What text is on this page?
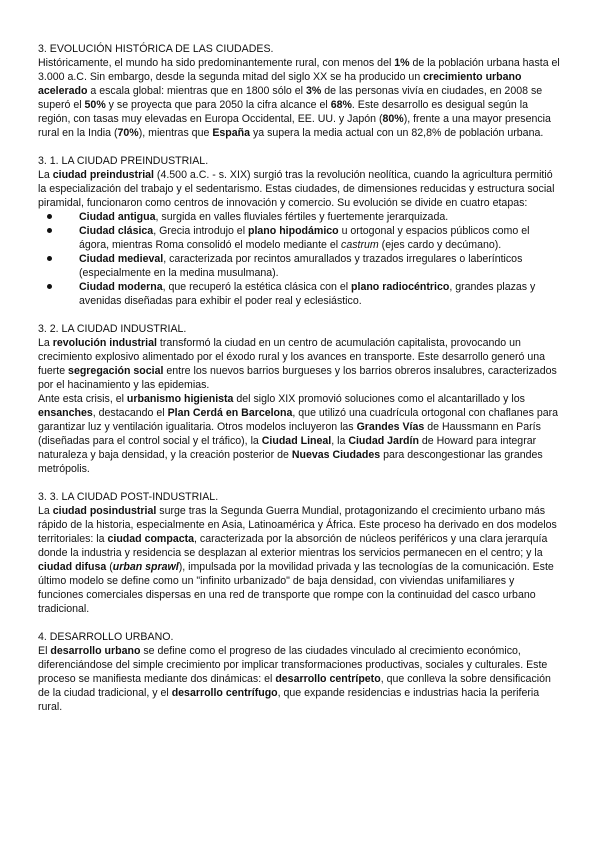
3. EVOLUCIÓN HISTÓRICA DE LAS CIUDADES.

Históricamente, el mundo ha sido predominantemente rural, con menos del 1% de la población urbana hasta el 3.000 a.C. Sin embargo, desde la segunda mitad del siglo XX se ha producido un crecimiento urbano acelerado a escala global: mientras que en 1800 sólo el 3% de las personas vivía en ciudades, en 2008 se superó el 50% y se proyecta que para 2050 la cifra alcance el 68%. Este desarrollo es desigual según la región, con tasas muy elevadas en Europa Occidental, EE. UU. y Japón (80%), frente a una mayor presencia rural en la India (70%), mientras que España ya supera la media actual con un 82,8% de población urbana.

3. 1. LA CIUDAD PREINDUSTRIAL.

La ciudad preindustrial (4.500 a.C. - s. XIX) surgió tras la revolución neolítica, cuando la agricultura permitió la especialización del trabajo y el sedentarismo. Estas ciudades, de dimensiones reducidas y estructura social piramidal, funcionaron como centros de innovación y comercio. Su evolución se divide en cuatro etapas:

Ciudad antigua, surgida en valles fluviales fértiles y fuertemente jerarquizada.
Ciudad clásica, Grecia introdujo el plano hipodámico u ortogonal y espacios públicos como el ágora, mientras Roma consolidó el modelo mediante el castrum (ejes cardo y decúmano).
Ciudad medieval, caracterizada por recintos amurallados y trazados irregulares o laberínticos (especialmente en la medina musulmana).
Ciudad moderna, que recuperó la estética clásica con el plano radiocéntrico, grandes plazas y avenidas diseñadas para exhibir el poder real y eclesiástico.

3. 2. LA CIUDAD INDUSTRIAL.

La revolución industrial transformó la ciudad en un centro de acumulación capitalista, provocando un crecimiento explosivo alimentado por el éxodo rural y los avances en transporte. Este desarrollo generó una fuerte segregación social entre los nuevos barrios burgueses y los barrios obreros insalubres, caracterizados por el hacinamiento y las epidemias.

Ante esta crisis, el urbanismo higienista del siglo XIX promovió soluciones como el alcantarillado y los ensanches, destacando el Plan Cerdá en Barcelona, que utilizó una cuadrícula ortogonal con chaflanes para garantizar luz y ventilación igualitaria. Otros modelos incluyeron las Grandes Vías de Haussmann en París (diseñadas para el control social y el tráfico), la Ciudad Lineal, la Ciudad Jardín de Howard para integrar naturaleza y baja densidad, y la creación posterior de Nuevas Ciudades para descongestionar las grandes metrópolis.

3. 3. LA CIUDAD POST-INDUSTRIAL.

La ciudad posindustrial surge tras la Segunda Guerra Mundial, protagonizando el crecimiento urbano más rápido de la historia, especialmente en Asia, Latinoamérica y África. Este proceso ha derivado en dos modelos territoriales: la ciudad compacta, caracterizada por la absorción de núcleos periféricos y una clara jerarquía donde la industria y residencia se desplazan al exterior mientras los servicios permanecen en el centro; y la ciudad difusa (urban sprawl), impulsada por la movilidad privada y las tecnologías de la comunicación. Este último modelo se define como un "infinito urbanizado" de baja densidad, con viviendas unifamiliares y funciones comerciales dispersas en una red de transporte que rompe con la continuidad del casco urbano tradicional.

4. DESARROLLO URBANO.

El desarrollo urbano se define como el progreso de las ciudades vinculado al crecimiento económico, diferenciándose del simple crecimiento por implicar transformaciones productivas, sociales y culturales. Este proceso se manifiesta mediante dos dinámicas: el desarrollo centrípeto, que conlleva la sobre densificación de la ciudad tradicional, y el desarrollo centrífugo, que expande residencias e industrias hacia la periferia rural.
